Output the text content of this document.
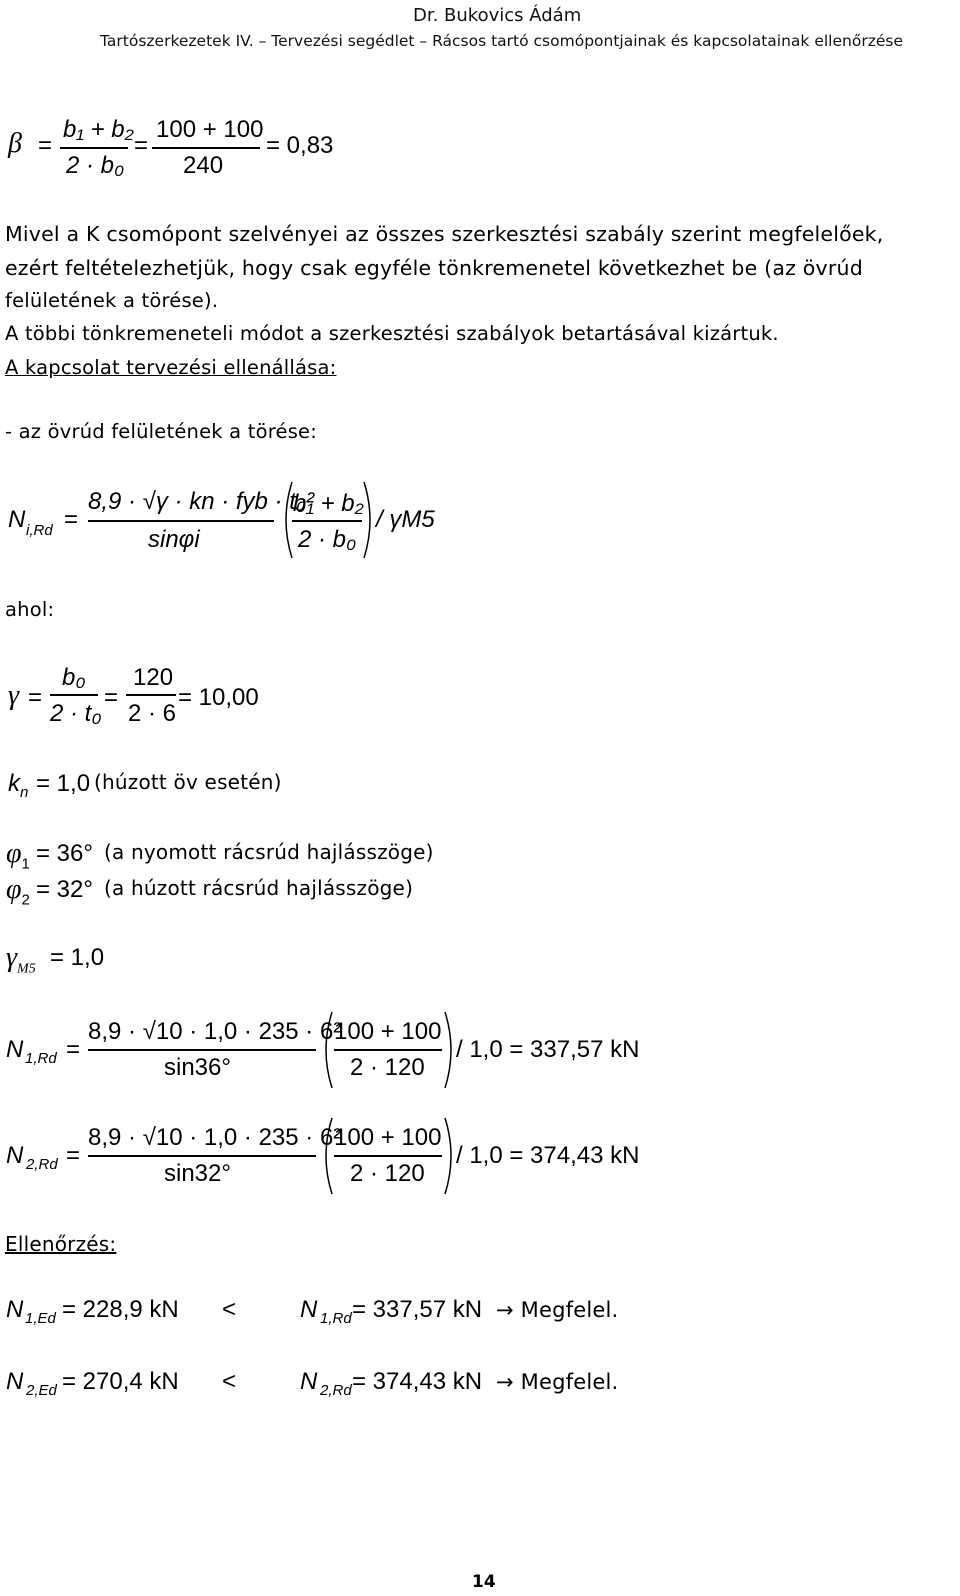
Dr. Bukovics Ádám
Tartószerkezetek IV. – Tervezési segédlet – Rácsos tartó csomópontjainak és kapcsolatainak ellenőrzése
β =
b₁ + b₂
2 · b₀
=
100 + 100
240
= 0,83
Mivel a K csomópont szelvényei az összes szerkesztési szabály szerint megfelelőek,
ezért feltételezhetjük, hogy csak egyféle tönkremenetel következhet be (az övrúd
felületének a törése).
A többi tönkremeneteli módot a szerkesztési szabályok betartásával kizártuk.
A kapcsolat tervezési ellenállása:
- az övrúd felületének a törése:
N i,Rd =
8,9 · √γ · kn · fyb · t₀²
sinφi
b₁ + b₂
2 · b₀
/ γM5
ahol:
γ =
b₀
2 · t₀
=
120
2 · 6
= 10,00
$k_n = 1,0$ (húzott öv esetén)
$\varphi_1 = 36^\circ$ (a nyomott rácsrúd hajlásszöge)
$\varphi_2 = 32^\circ$ (a húzott rácsrúd hajlásszöge)
$\gamma_{M5} = 1,0$
N 1,Rd =
8,9 · √10 · 1,0 · 235 · 6²
sin36°
100 + 100
2 · 120
/ 1,0 = 337,57 kN
N 2,Rd =
8,9 · √10 · 1,0 · 235 · 6²
sin32°
100 + 100
2 · 120
/ 1,0 = 374,43 kN
Ellenőrzés:
N 1,Ed = 228,9 kN <	N 1,Rd = 337,57 kN → Megfelel.
N 2,Ed = 270,4 kN <	N 2,Rd = 374,43 kN → Megfelel.
14
